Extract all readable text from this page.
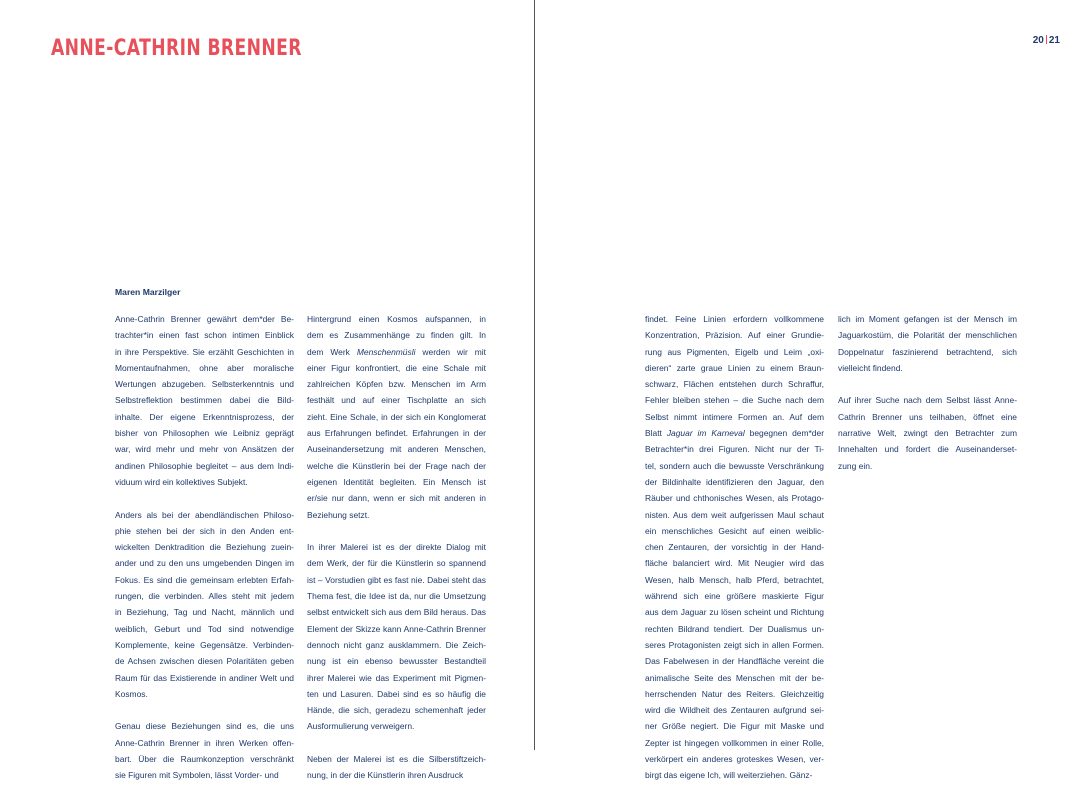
ANNE-CATHRIN BRENNER
Maren Marzilger
20 21

Anne-Cathrin Brenner gewährt dem*der Be-
trachter*in einen fast schon intimen Einblick
in ihre Perspektive. Sie erzählt Geschichten in
Momentaufnahmen, ohne aber moralische
Wertungen abzugeben. Selbsterkenntnis und
Selbstreflektion bestimmen dabei die Bild-
inhalte. Der eigene Erkenntnisprozess, der
bisher von Philosophen wie Leibniz geprägt
war, wird mehr und mehr von Ansätzen der
andinen Philosophie begleitet – aus dem Indi-
viduum wird ein kollektives Subjekt.

Anders als bei der abendländischen Philoso-
phie stehen bei der sich in den Anden ent-
wickelten Denktradition die Beziehung zuein-
ander und zu den uns umgebenden Dingen im
Fokus. Es sind die gemeinsam erlebten Erfah-
rungen, die verbinden. Alles steht mit jedem
in Beziehung, Tag und Nacht, männlich und
weiblich, Geburt und Tod sind notwendige
Komplemente, keine Gegensätze. Verbinden-
de Achsen zwischen diesen Polaritäten geben
Raum für das Existierende in andiner Welt und
Kosmos.

Genau diese Beziehungen sind es, die uns
Anne-Cathrin Brenner in ihren Werken offen-
bart. Über die Raumkonzeption verschränkt
sie Figuren mit Symbolen, lässt Vorder- und

Hintergrund einen Kosmos aufspannen, in
dem es Zusammenhänge zu finden gilt. In
dem Werk Menschenmüsli werden wir mit
einer Figur konfrontiert, die eine Schale mit
zahlreichen Köpfen bzw. Menschen im Arm
festhält und auf einer Tischplatte an sich
zieht. Eine Schale, in der sich ein Konglomerat
aus Erfahrungen befindet. Erfahrungen in der
Auseinandersetzung mit anderen Menschen,
welche die Künstlerin bei der Frage nach der
eigenen Identität begleiten. Ein Mensch ist
er/sie nur dann, wenn er sich mit anderen in
Beziehung setzt.

In ihrer Malerei ist es der direkte Dialog mit
dem Werk, der für die Künstlerin so spannend
ist – Vorstudien gibt es fast nie. Dabei steht das
Thema fest, die Idee ist da, nur die Umsetzung
selbst entwickelt sich aus dem Bild heraus. Das
Element der Skizze kann Anne-Cathrin Brenner
dennoch nicht ganz ausklammern. Die Zeich-
nung ist ein ebenso bewusster Bestandteil
ihrer Malerei wie das Experiment mit Pigmen-
ten und Lasuren. Dabei sind es so häufig die
Hände, die sich, geradezu schemenhaft jeder
Ausformulierung verweigern.

Neben der Malerei ist es die Silberstiftzeich-
nung, in der die Künstlerin ihren Ausdruck

findet. Feine Linien erfordern vollkommene
Konzentration, Präzision. Auf einer Grundie-
rung aus Pigmenten, Eigelb und Leim „oxi-
dieren“ zarte graue Linien zu einem Braun-
schwarz, Flächen entstehen durch Schraffur,
Fehler bleiben stehen – die Suche nach dem
Selbst nimmt intimere Formen an. Auf dem
Blatt Jaguar im Karneval begegnen dem*der
Betrachter*in drei Figuren. Nicht nur der Ti-
tel, sondern auch die bewusste Verschränkung
der Bildinhalte identifizieren den Jaguar, den
Räuber und chthonisches Wesen, als Protago-
nisten. Aus dem weit aufgerissen Maul schaut
ein menschliches Gesicht auf einen weiblic-
chen Zentauren, der vorsichtig in der Hand-
fläche balanciert wird. Mit Neugier wird das
Wesen, halb Mensch, halb Pferd, betrachtet,
während sich eine größere maskierte Figur
aus dem Jaguar zu lösen scheint und Richtung
rechten Bildrand tendiert. Der Dualismus un-
seres Protagonisten zeigt sich in allen Formen.
Das Fabelwesen in der Handfläche vereint die
animalische Seite des Menschen mit der be-
herrschenden Natur des Reiters. Gleichzeitig
wird die Wildheit des Zentauren aufgrund sei-
ner Größe negiert. Die Figur mit Maske und
Zepter ist hingegen vollkommen in einer Rolle,
verkörpert ein anderes groteskes Wesen, ver-
birgt das eigene Ich, will weiterziehen. Gänz-

lich im Moment gefangen ist der Mensch im
Jaguarkostüm, die Polarität der menschlichen
Doppelnatur faszinierend betrachtend, sich
vielleicht findend.

Auf ihrer Suche nach dem Selbst lässt Anne-
Cathrin Brenner uns teilhaben, öffnet eine
narrative Welt, zwingt den Betrachter zum
Innehalten und fordert die Auseinanderset-
zung ein.
